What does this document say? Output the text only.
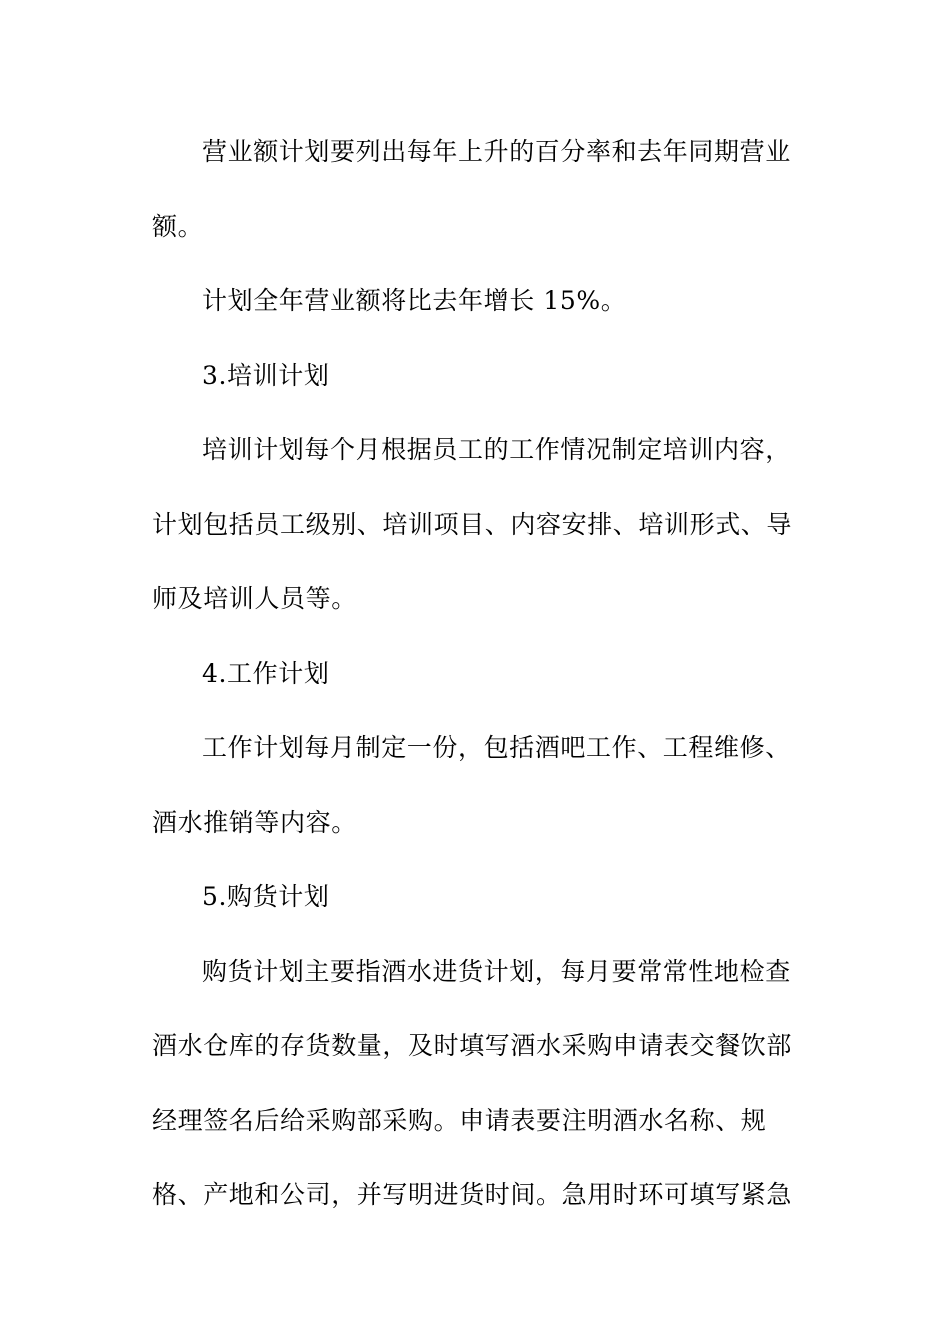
营业额计划要列出每年上升的百分率和去年同期营业

额。

计划全年营业额将比去年增长 15%。

3.培训计划

培训计划每个月根据员工的工作情况制定培训内容，

计划包括员工级别、培训项目、内容安排、培训形式、导

师及培训人员等。

4.工作计划

工作计划每月制定一份，包括酒吧工作、工程维修、

酒水推销等内容。

5.购货计划

购货计划主要指酒水进货计划，每月要常常性地检查

酒水仓库的存货数量，及时填写酒水采购申请表交餐饮部

经理签名后给采购部采购。申请表要注明酒水名称、规

格、产地和公司，并写明进货时间。急用时环可填写紧急
